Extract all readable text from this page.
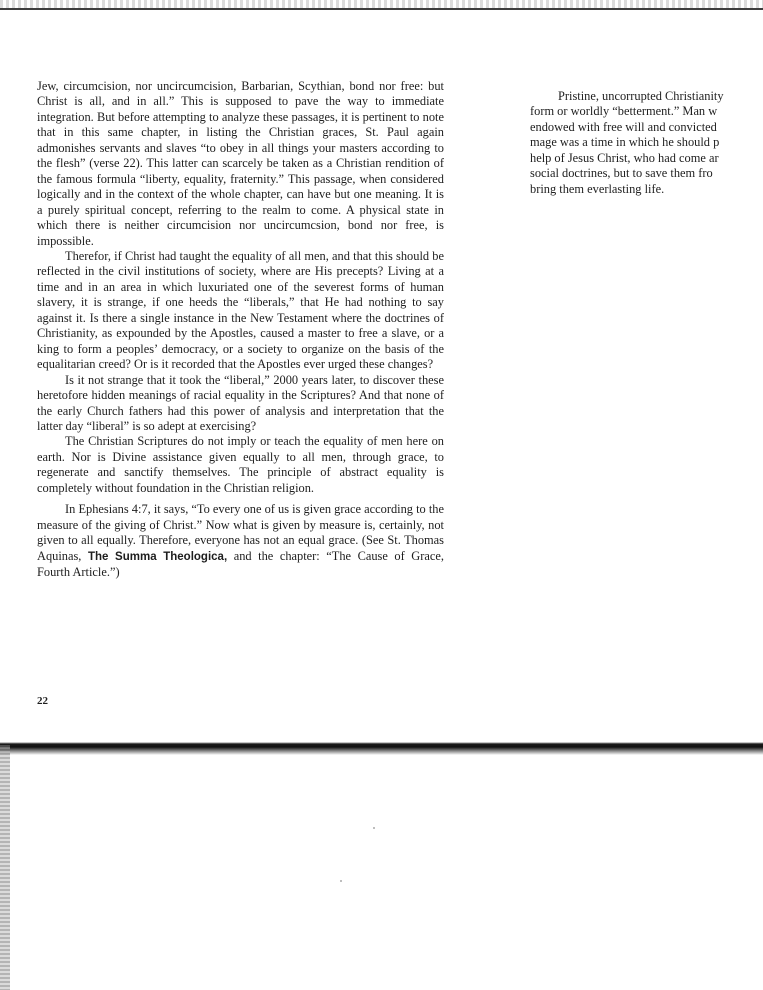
Jew, circumcision, nor uncircumcision, Barbarian, Scythian, bond nor free: but Christ is all, and in all.” This is supposed to pave the way to immediate integration. But before attempting to analyze these passages, it is pertinent to note that in this same chapter, in listing the Christian graces, St. Paul again admonishes servants and slaves “to obey in all things your masters according to the flesh” (verse 22). This latter can scarcely be taken as a Christian rendition of the famous formula “liberty, equality, fraternity.” This passage, when considered logically and in the context of the whole chapter, can have but one meaning. It is a purely spiritual concept, referring to the realm to come. A physical state in which there is neither circumcision nor uncircumcsion, bond nor free, is impossible.

Therefor, if Christ had taught the equality of all men, and that this should be reflected in the civil institutions of society, where are His precepts? Living at a time and in an area in which luxuriated one of the severest forms of human slavery, it is strange, if one heeds the “liberals,” that He had nothing to say against it. Is there a single instance in the New Testament where the doctrines of Christianity, as expounded by the Apostles, caused a master to free a slave, or a king to form a peoples’ democracy, or a society to organize on the basis of the equalitarian creed? Or is it recorded that the Apostles ever urged these changes?

Is it not strange that it took the “liberal,” 2000 years later, to discover these heretofore hidden meanings of racial equality in the Scriptures? And that none of the early Church fathers had this power of analysis and interpretation that the latter day “liberal” is so adept at exercising?

The Christian Scriptures do not imply or teach the equality of men here on earth. Nor is Divine assistance given equally to all men, through grace, to regenerate and sanctify themselves. The principle of abstract equality is completely without foundation in the Christian religion.

In Ephesians 4:7, it says, “To every one of us is given grace according to the measure of the giving of Christ.” Now what is given by measure is, certainly, not given to all equally. Therefore, everyone has not an equal grace. (See St. Thomas Aquinas, The Summa Theologica, and the chapter: “The Cause of Grace, Fourth Article.”)

Pristine, uncorrupted Christianity
form or worldly “betterment.” Man w
endowed with free will and convicted
mage was a time in which he should p
help of Jesus Christ, who had come ar
social doctrines, but to save them fro
bring them everlasting life.
22
